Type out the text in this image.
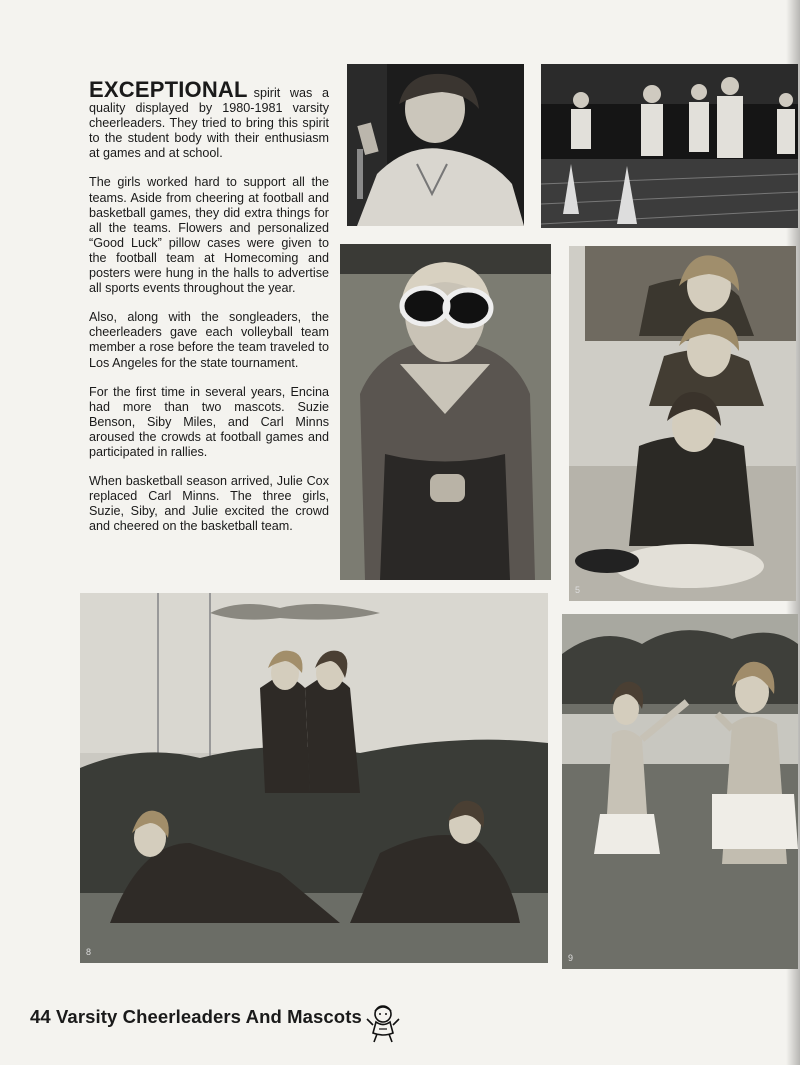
EXCEPTIONAL spirit was a quality displayed by 1980-1981 varsity cheerleaders. They tried to bring this spirit to the student body with their enthusiasm at games and at school.

The girls worked hard to support all the teams. Aside from cheering at football and basketball games, they did extra things for all the teams. Flowers and personalized “Good Luck” pillow cases were given to the football team at Homecoming and posters were hung in the halls to advertise all sports events throughout the year.

Also, along with the songleaders, the cheerleaders gave each volleyball team member a rose before the team traveled to Los Angeles for the state tournament.

For the first time in several years, Encina had more than two mascots. Suzie Benson, Siby Miles, and Carl Minns aroused the crowds at football games and participated in rallies.

When basketball season arrived, Julie Cox replaced Carl Minns. The three girls, Suzie, Siby, and Julie excited the crowd and cheered on the basketball team.

5
8
9
44 Varsity Cheerleaders And Mascots
